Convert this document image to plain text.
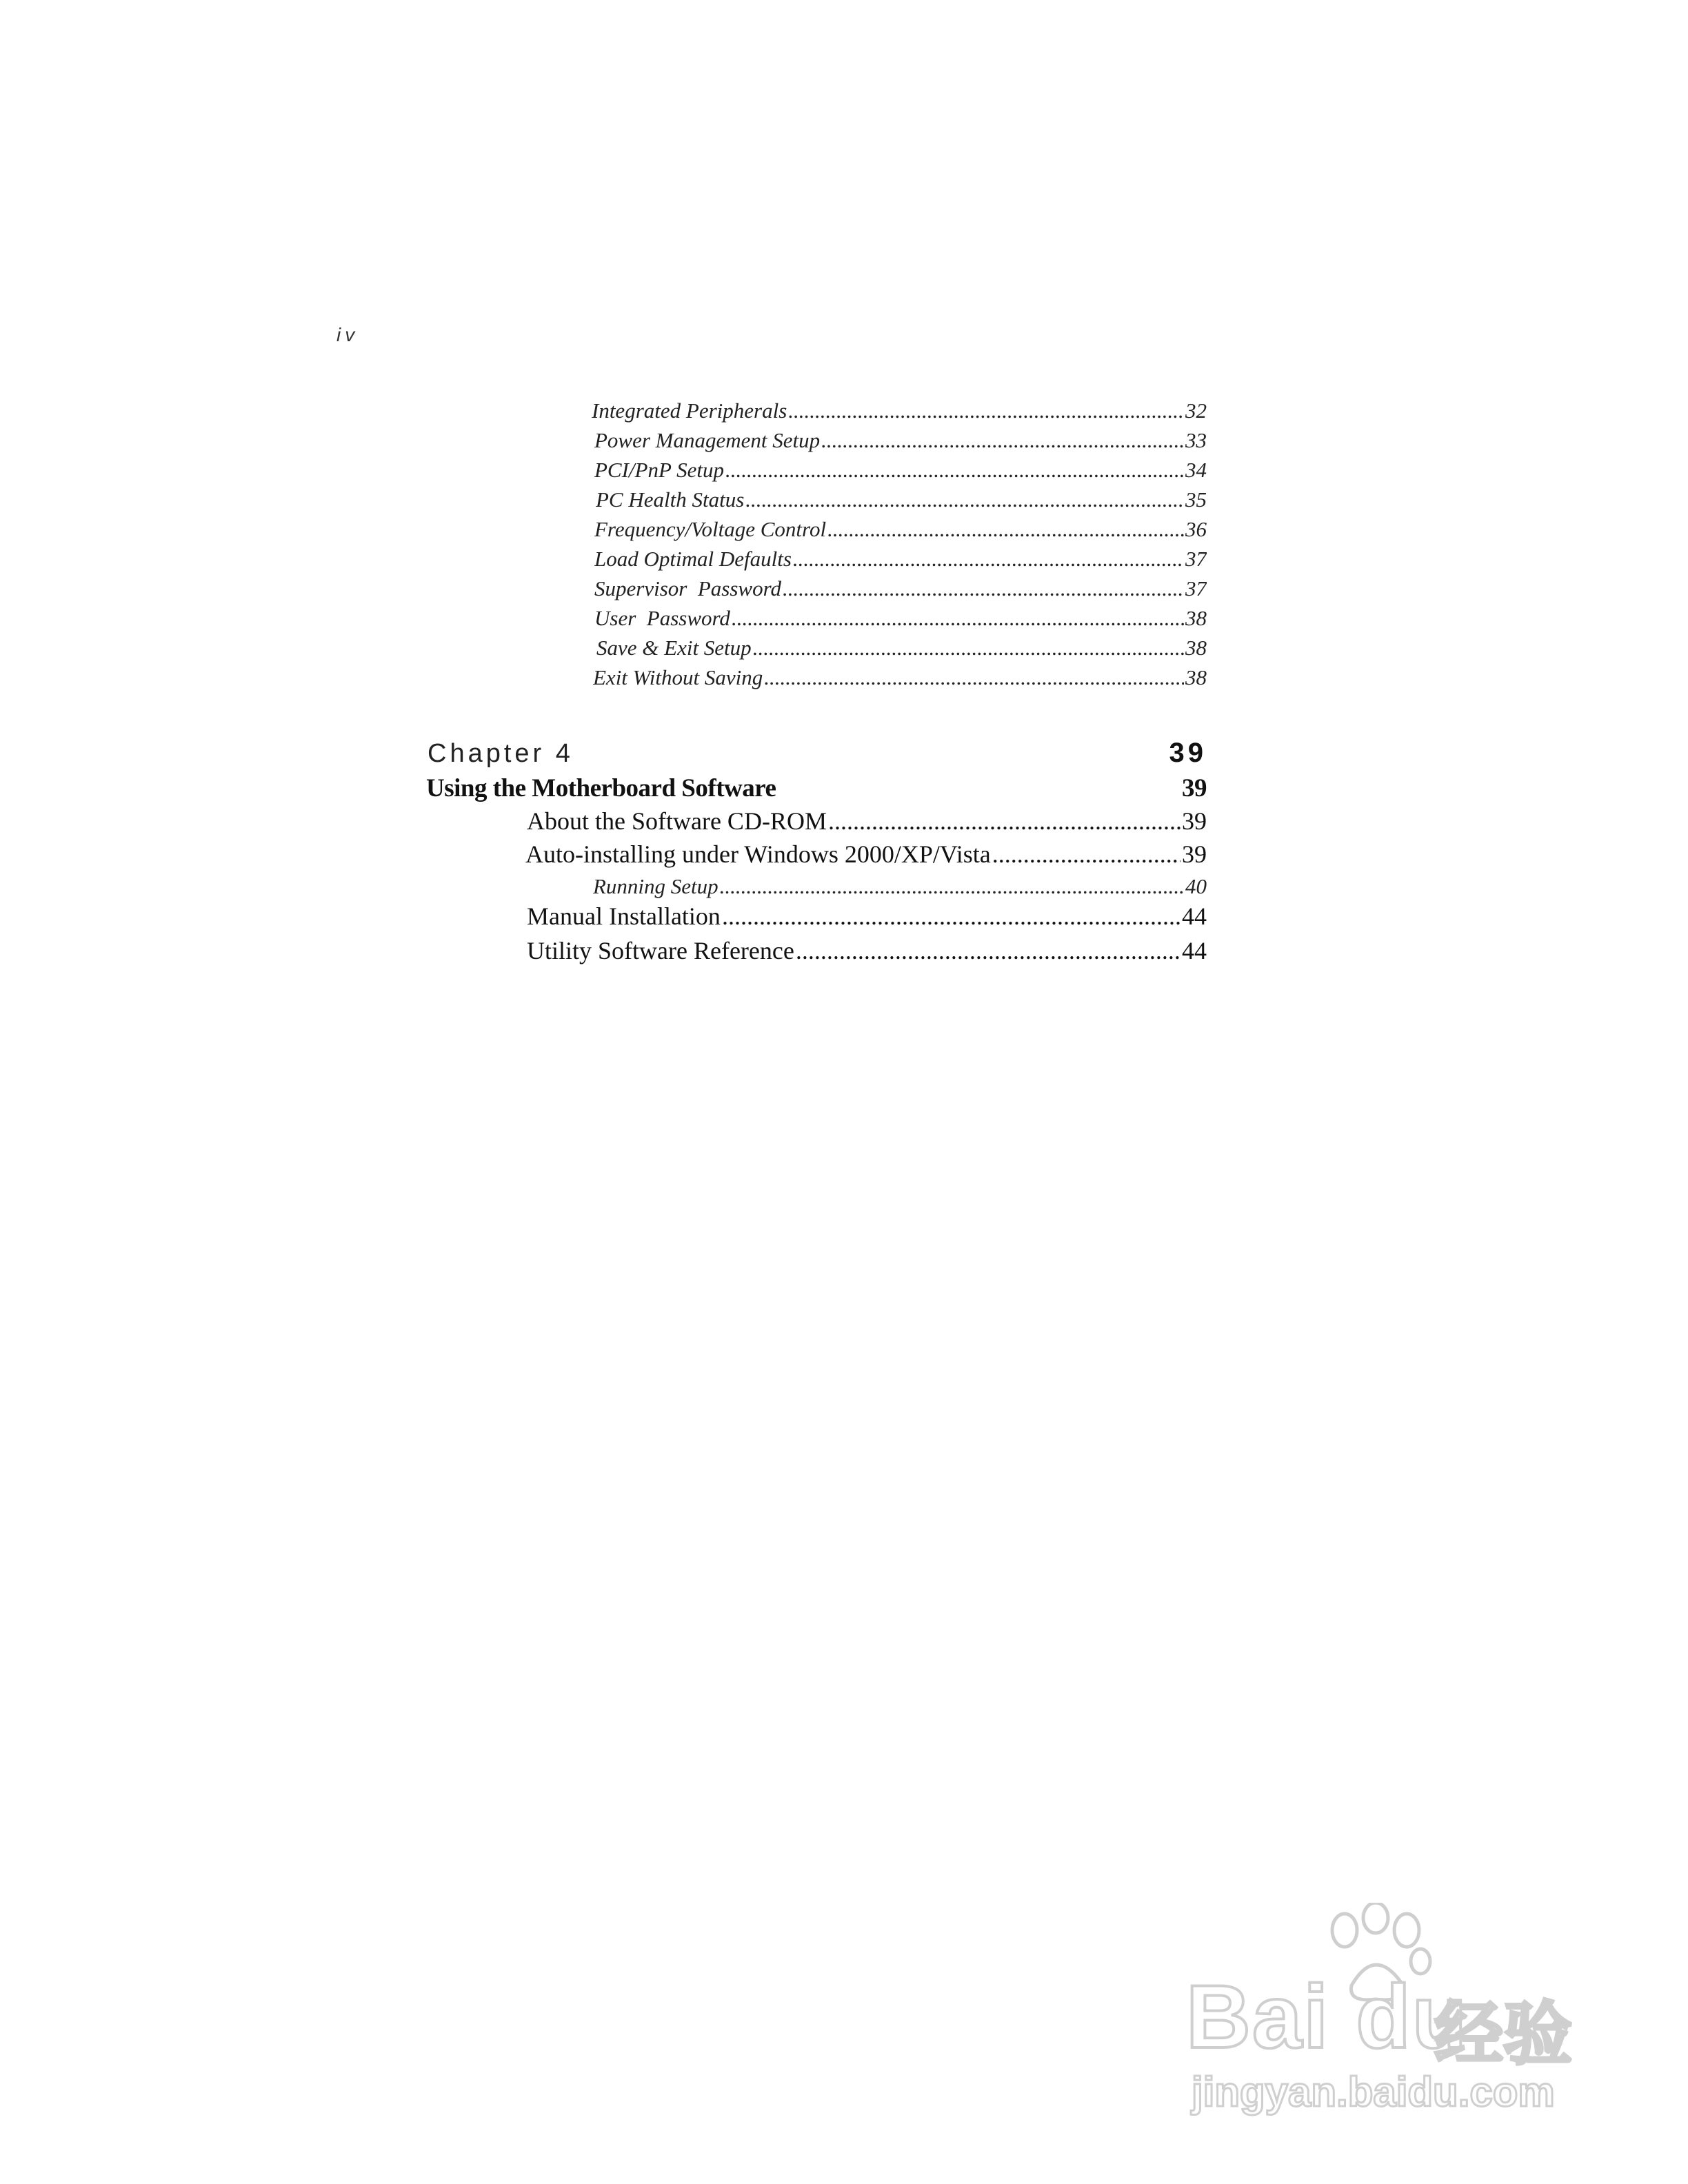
iv
Integrated Peripherals .....	32
Power Management Setup .....	33
PCI/PnP Setup .....	34
PC Health Status .....	35
Frequency/Voltage Control .....	36
Load Optimal Defaults .....	37
Supervisor  Password .....	37
User  Password .....	38
Save & Exit Setup .....	38
Exit Without Saving .....	38
Chapter 4	39
Using the Motherboard Software	39
About the Software CD-ROM .....	39
Auto-installing under Windows 2000/XP/Vista .....	39
Running Setup .....	40
Manual Installation .....	44
Utility Software Reference .....	44
Bai du
经验
jingyan.baidu.com
